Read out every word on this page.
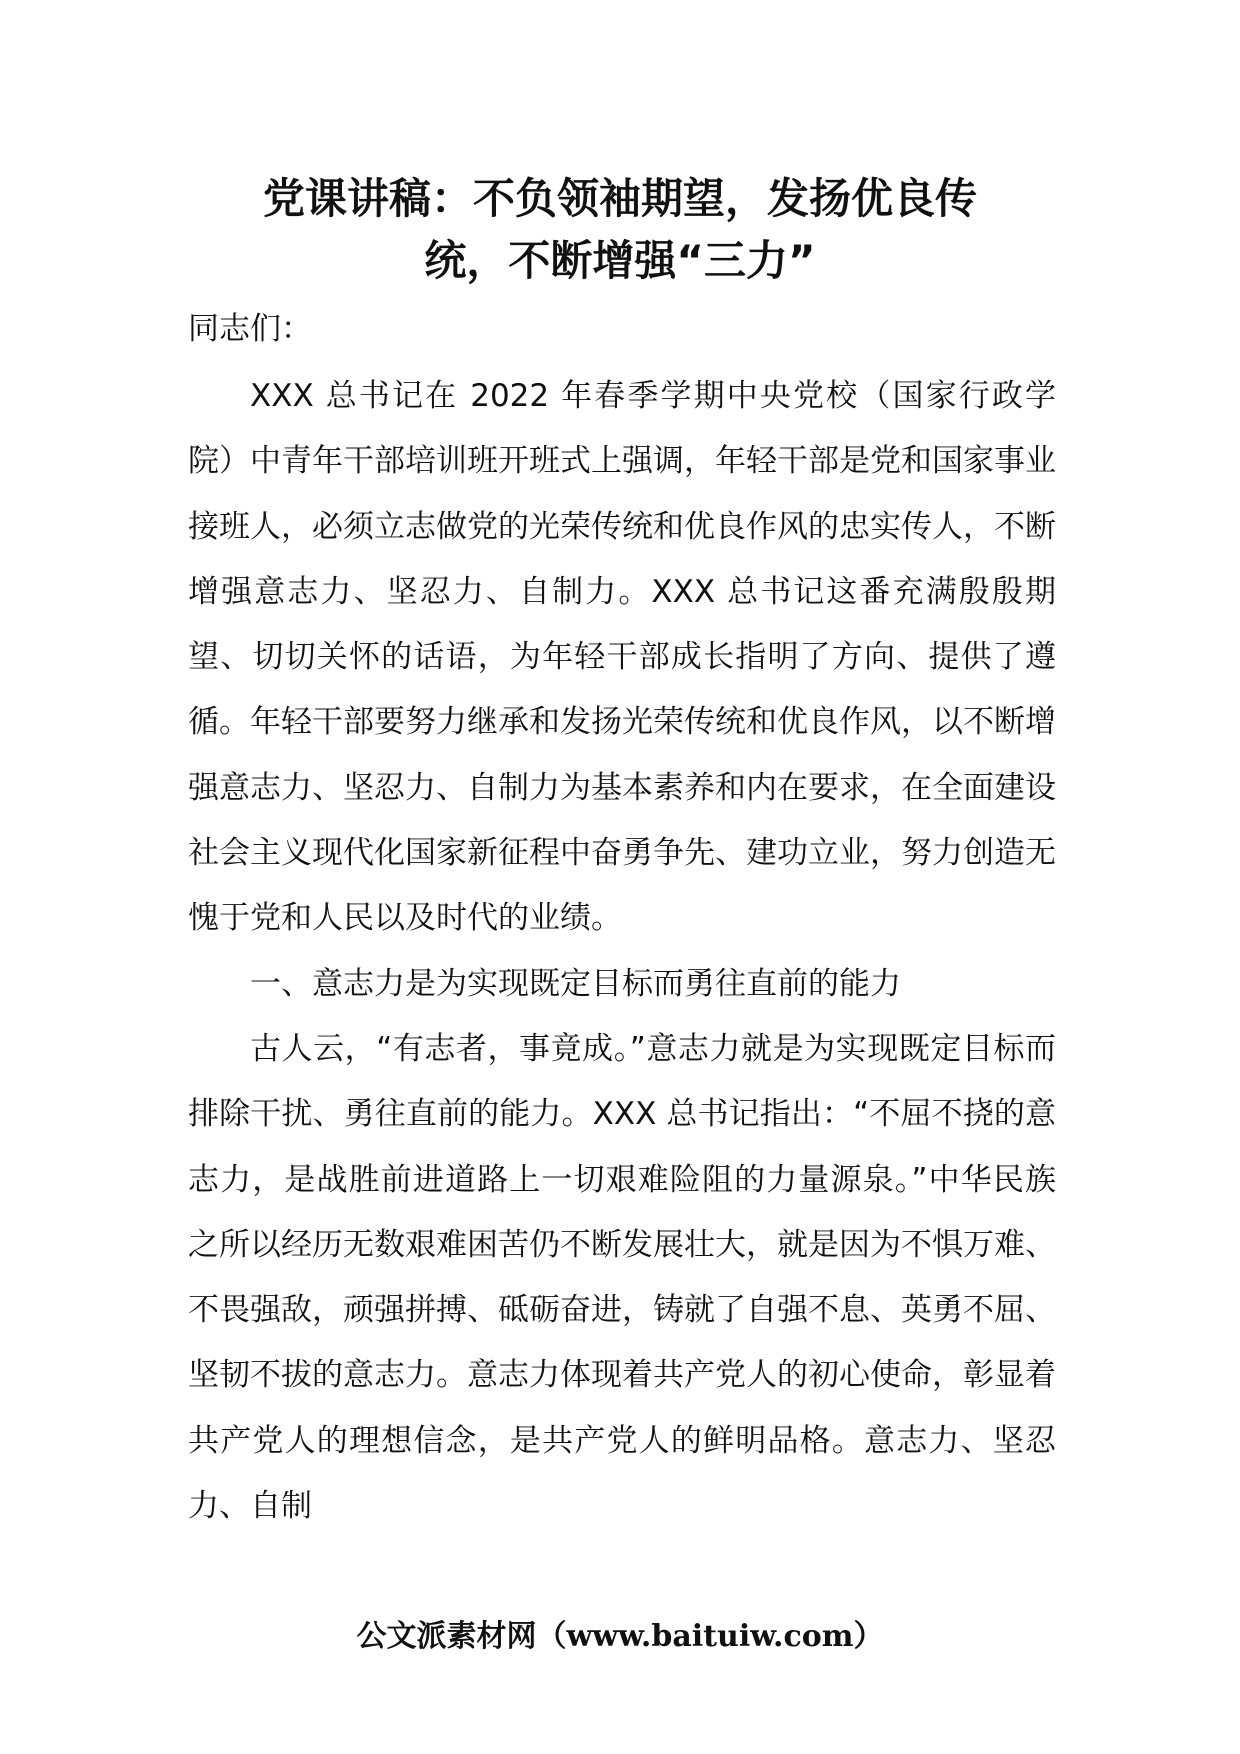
党课讲稿：不负领袖期望，发扬优良传
统，不断增强“三力”

同志们：

XXX 总书记在 2022 年春季学期中央党校（国家行政学院）中青年干部培训班开班式上强调，年轻干部是党和国家事业接班人，必须立志做党的光荣传统和优良作风的忠实传人，不断增强意志力、坚忍力、自制力。XXX 总书记这番充满殷殷期望、切切关怀的话语，为年轻干部成长指明了方向、提供了遵循。年轻干部要努力继承和发扬光荣传统和优良作风，以不断增强意志力、坚忍力、自制力为基本素养和内在要求，在全面建设社会主义现代化国家新征程中奋勇争先、建功立业，努力创造无愧于党和人民以及时代的业绩。

一、意志力是为实现既定目标而勇往直前的能力

古人云，“有志者，事竟成。”意志力就是为实现既定目标而排除干扰、勇往直前的能力。XXX 总书记指出：“不屈不挠的意志力，是战胜前进道路上一切艰难险阻的力量源泉。”中华民族之所以经历无数艰难困苦仍不断发展壮大，就是因为不惧万难、不畏强敌，顽强拼搏、砥砺奋进，铸就了自强不息、英勇不屈、坚韧不拔的意志力。意志力体现着共产党人的初心使命，彰显着共产党人的理想信念，是共产党人的鲜明品格。意志力、坚忍力、自制

公文派素材网（www.baituiw.com）
